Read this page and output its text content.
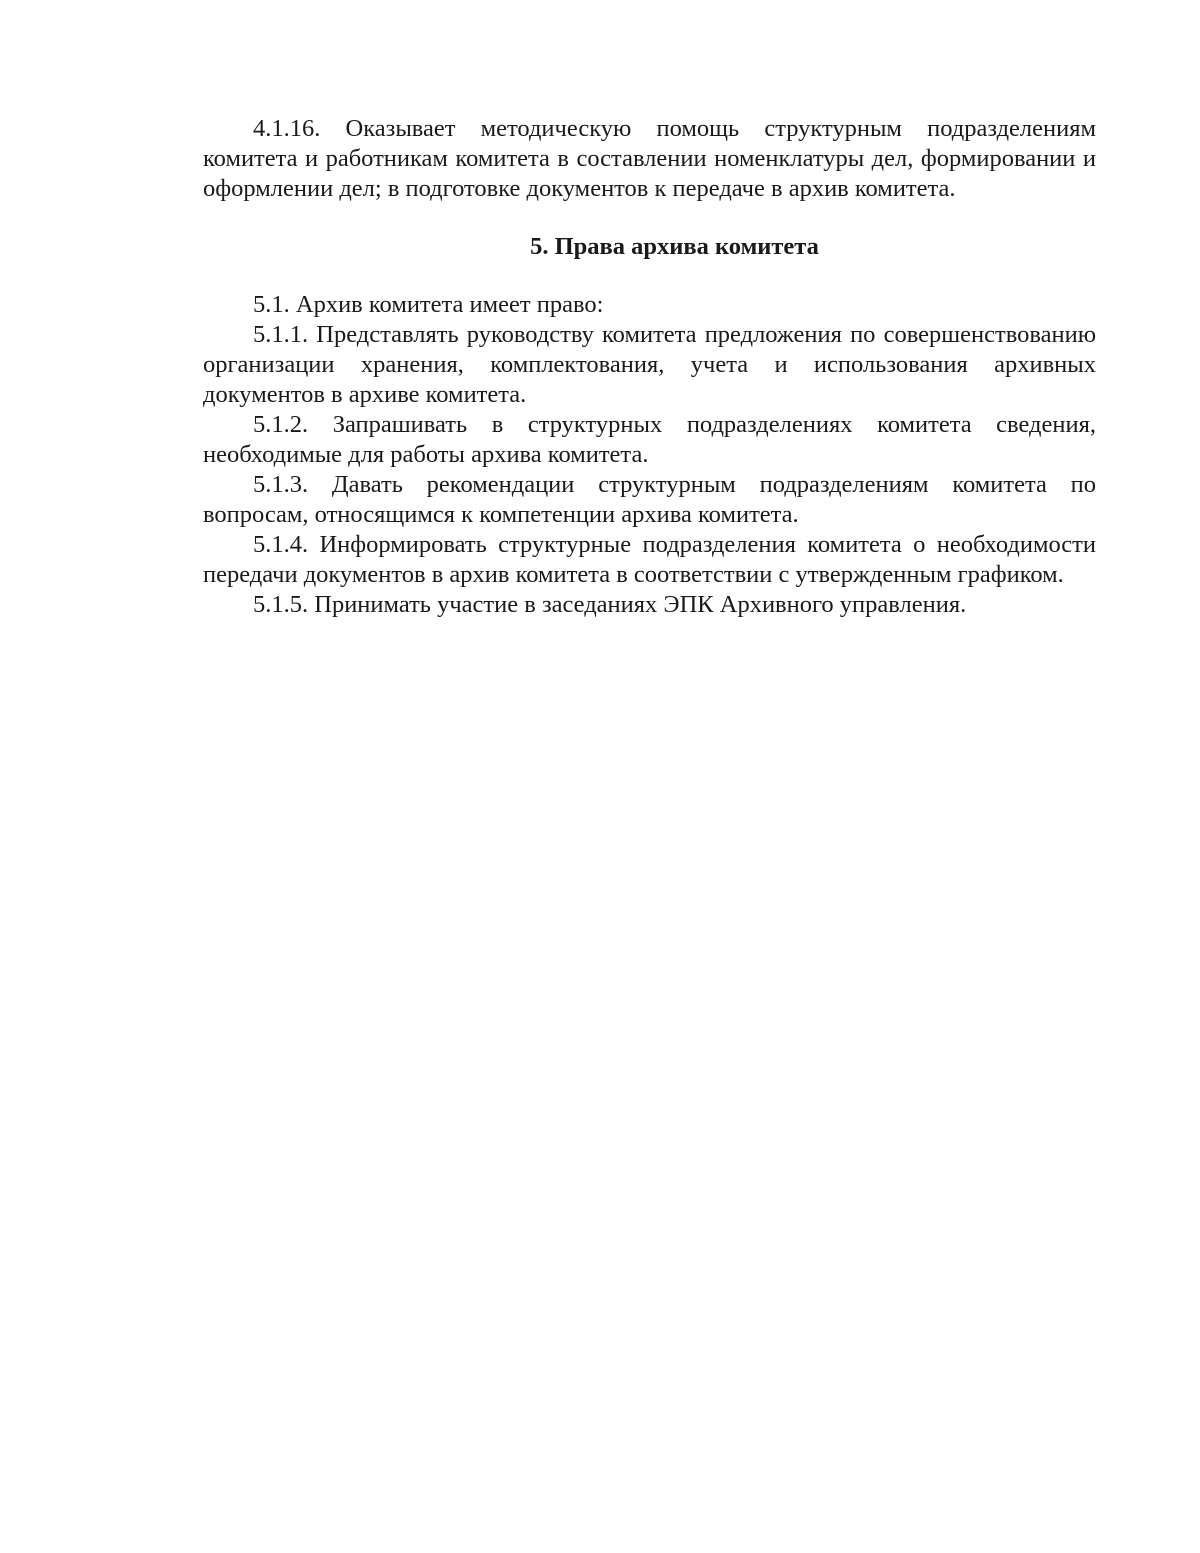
4.1.16. Оказывает методическую помощь структурным подразделениям комитета и работникам комитета в составлении номенклатуры дел, формировании и оформлении дел; в подготовке документов к передаче в архив комитета.

5. Права архива комитета

5.1. Архив комитета имеет право:

5.1.1. Представлять руководству комитета предложения по совершенствованию организации хранения, комплектования, учета и использования архивных документов в архиве комитета.

5.1.2. Запрашивать в структурных подразделениях комитета сведения, необходимые для работы архива комитета.

5.1.3. Давать рекомендации структурным подразделениям комитета по вопросам, относящимся к компетенции архива комитета.

5.1.4. Информировать структурные подразделения комитета о необходимости передачи документов в архив комитета в соответствии с утвержденным графиком.

5.1.5. Принимать участие в заседаниях ЭПК Архивного управления.
